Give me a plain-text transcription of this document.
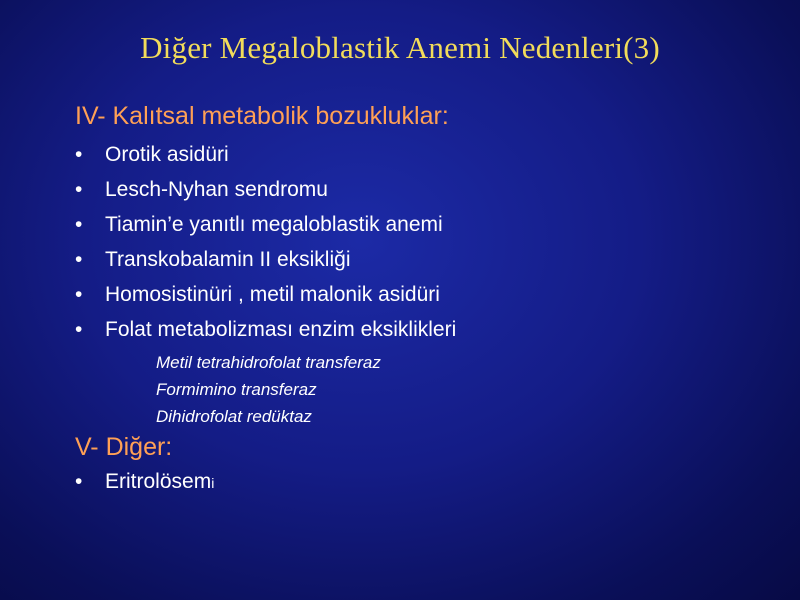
Diğer Megaloblastik Anemi Nedenleri(3)
IV- Kalıtsal metabolik bozukluklar:
• Orotik asidüri
• Lesch-Nyhan sendromu
• Tiamin’e yanıtlı megaloblastik anemi
• Transkobalamin II eksikliği
• Homosistinüri , metil malonik asidüri
• Folat metabolizması enzim eksiklikleri
Metil tetrahidrofolat transferaz
Formimino transferaz
Dihidrofolat redüktaz
V- Diğer:
• Eritrolösemi
